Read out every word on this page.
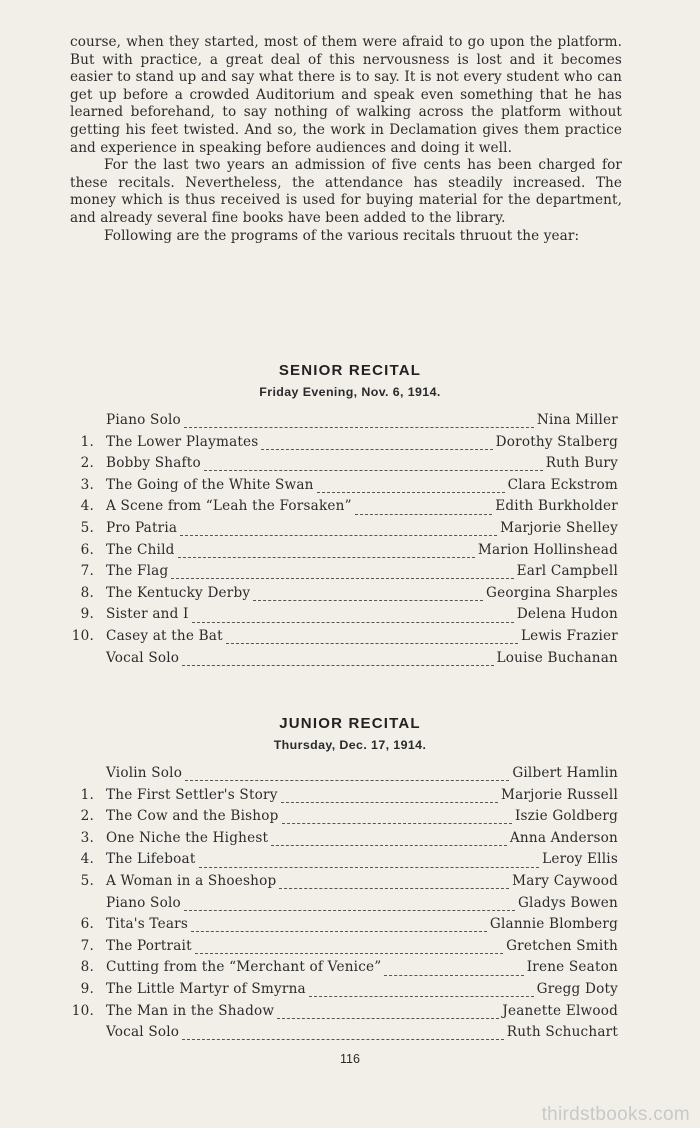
course, when they started, most of them were afraid to go upon the platform. But with practice, a great deal of this nervousness is lost and it becomes easier to stand up and say what there is to say. It is not every student who can get up before a crowded Auditorium and speak even something that he has learned beforehand, to say nothing of walking across the platform without getting his feet twisted. And so, the work in Declamation gives them practice and experience in speaking before audiences and doing it well.

For the last two years an admission of five cents has been charged for these recitals. Nevertheless, the attendance has steadily increased. The money which is thus received is used for buying material for the department, and already several fine books have been added to the library.

Following are the programs of the various recitals thruout the year:

SENIOR RECITAL
Friday Evening, Nov. 6, 1914.
Piano Solo	Nina Miller
1. The Lower Playmates	Dorothy Stalberg
2. Bobby Shafto	Ruth Bury
3. The Going of the White Swan	Clara Eckstrom
4. A Scene from “Leah the Forsaken”	Edith Burkholder
5. Pro Patria	Marjorie Shelley
6. The Child	Marion Hollinshead
7. The Flag	Earl Campbell
8. The Kentucky Derby	Georgina Sharples
9. Sister and I	Delena Hudon
10. Casey at the Bat	Lewis Frazier
Vocal Solo	Louise Buchanan
JUNIOR RECITAL
Thursday, Dec. 17, 1914.
Violin Solo	Gilbert Hamlin
1. The First Settler's Story	Marjorie Russell
2. The Cow and the Bishop	Iszie Goldberg
3. One Niche the Highest	Anna Anderson
4. The Lifeboat	Leroy Ellis
5. A Woman in a Shoeshop	Mary Caywood
Piano Solo	Gladys Bowen
6. Tita's Tears	Glannie Blomberg
7. The Portrait	Gretchen Smith
8. Cutting from the “Merchant of Venice”	Irene Seaton
9. The Little Martyr of Smyrna	Gregg Doty
10. The Man in the Shadow	Jeanette Elwood
Vocal Solo	Ruth Schuchart
116
thirdstbooks.com
